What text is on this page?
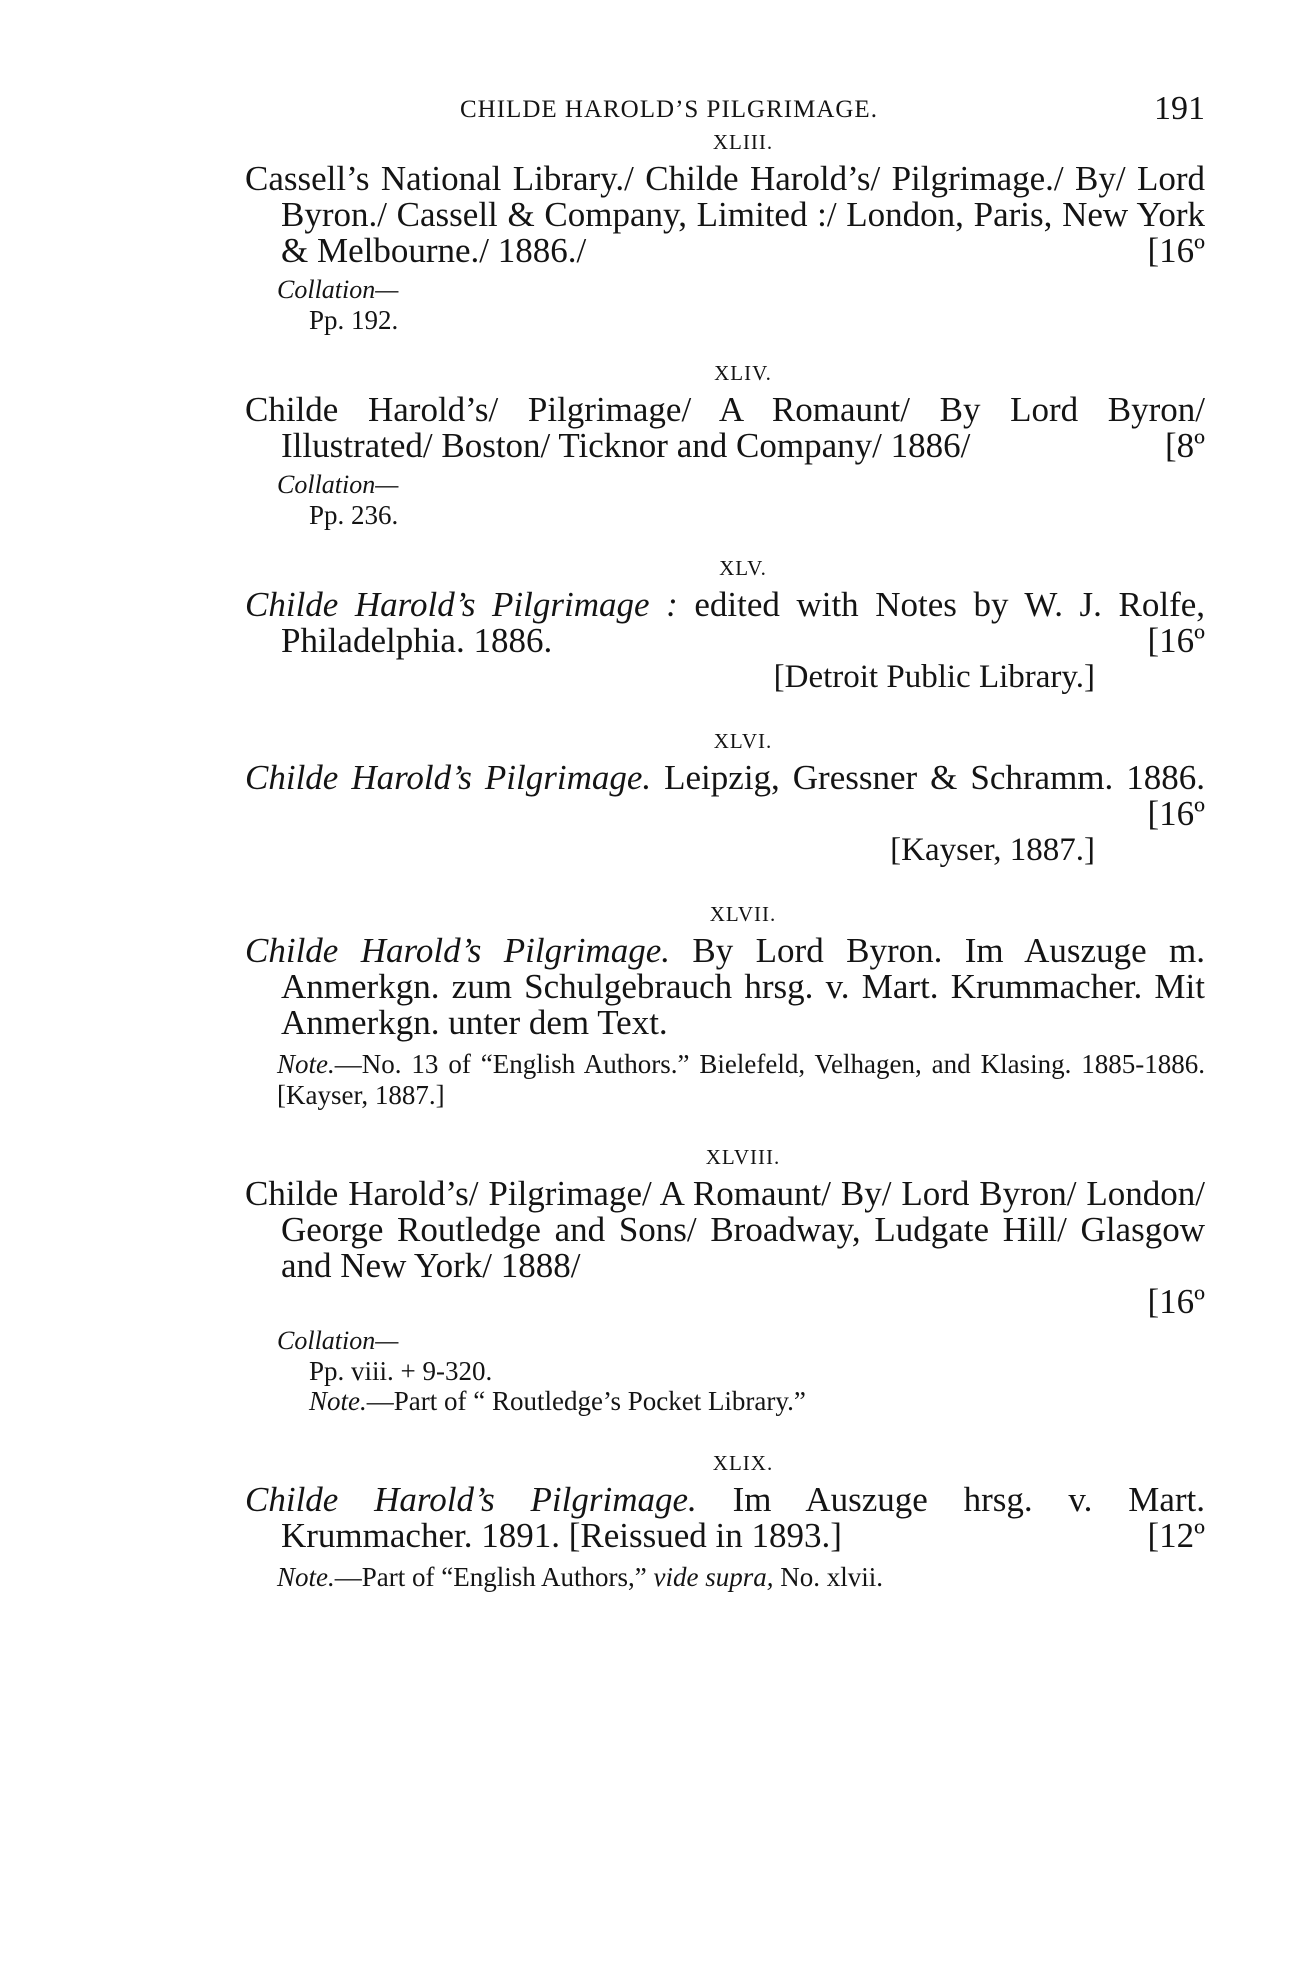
CHILDE HAROLD’S PILGRIMAGE.	191
XLIII.
Cassell’s National Library./ Childe Harold’s/ Pilgrimage./ By/ Lord Byron./ Cassell & Company, Limited :/ London, Paris, New York & Melbourne./ 1886./	[16º
Collation—
Pp. 192.
XLIV.
Childe Harold’s/ Pilgrimage/ A Romaunt/ By Lord Byron/ Illustrated/ Boston/ Ticknor and Company/ 1886/	[8º
Collation—
Pp. 236.
XLV.
Childe Harold’s Pilgrimage : edited with Notes by W. J. Rolfe, Philadelphia. 1886.	[16º
[Detroit Public Library.]
XLVI.
Childe Harold’s Pilgrimage. Leipzig, Gressner & Schramm. 1886.
[16º
[Kayser, 1887.]
XLVII.
Childe Harold’s Pilgrimage. By Lord Byron. Im Auszuge m. Anmerkgn. zum Schulgebrauch hrsg. v. Mart. Krummacher. Mit Anmerkgn. unter dem Text.
Note.—No. 13 of “English Authors.” Bielefeld, Velhagen, and Klasing. 1885-1886. [Kayser, 1887.]
XLVIII.
Childe Harold’s/ Pilgrimage/ A Romaunt/ By/ Lord Byron/ London/ George Routledge and Sons/ Broadway, Ludgate Hill/ Glasgow and New York/ 1888/
[16º
Collation—
Pp. viii. + 9-320.
Note.—Part of “ Routledge’s Pocket Library.”
XLIX.
Childe Harold’s Pilgrimage. Im Auszuge hrsg. v. Mart. Krummacher. 1891. [Reissued in 1893.]	[12º
Note.—Part of “English Authors,” vide supra, No. xlvii.
